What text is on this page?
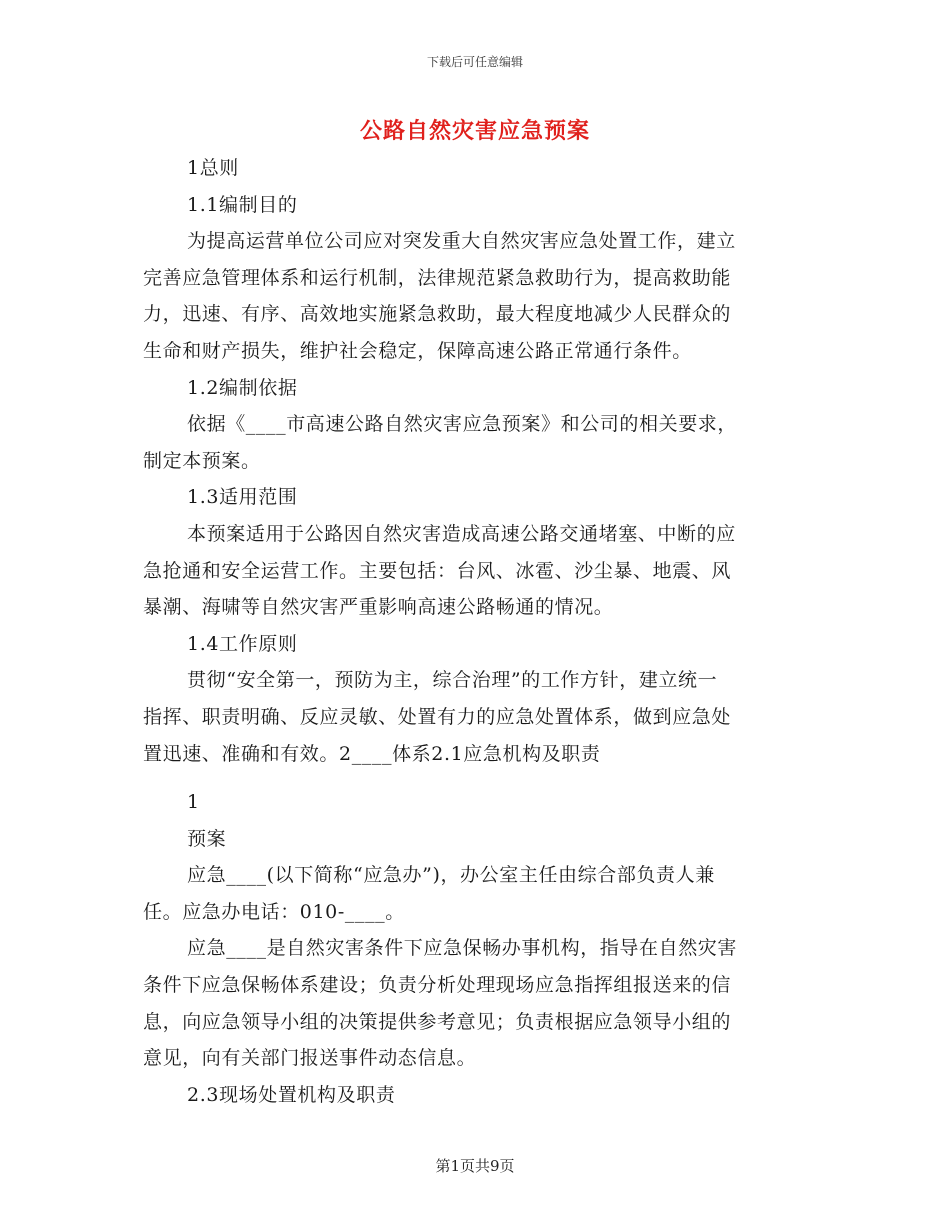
下载后可任意编辑
公路自然灾害应急预案
1总则
1.1编制目的
为提高运营单位公司应对突发重大自然灾害应急处置工作，建立
完善应急管理体系和运行机制，法律规范紧急救助行为，提高救助能
力，迅速、有序、高效地实施紧急救助，最大程度地减少人民群众的
生命和财产损失，维护社会稳定，保障高速公路正常通行条件。
1.2编制依据
依据《____市高速公路自然灾害应急预案》和公司的相关要求，
制定本预案。
1.3适用范围
本预案适用于公路因自然灾害造成高速公路交通堵塞、中断的应
急抢通和安全运营工作。主要包括：台风、冰雹、沙尘暴、地震、风
暴潮、海啸等自然灾害严重影响高速公路畅通的情况。
1.4工作原则
贯彻“安全第一，预防为主，综合治理”的工作方针，建立统一
指挥、职责明确、反应灵敏、处置有力的应急处置体系，做到应急处
置迅速、准确和有效。2____体系2.1应急机构及职责
1
预案
应急____(以下简称“应急办”)，办公室主任由综合部负责人兼
任。应急办电话：010-____。
应急____是自然灾害条件下应急保畅办事机构，指导在自然灾害
条件下应急保畅体系建设；负责分析处理现场应急指挥组报送来的信
息，向应急领导小组的决策提供参考意见；负责根据应急领导小组的
意见，向有关部门报送事件动态信息。
2.3现场处置机构及职责
第1页共9页
